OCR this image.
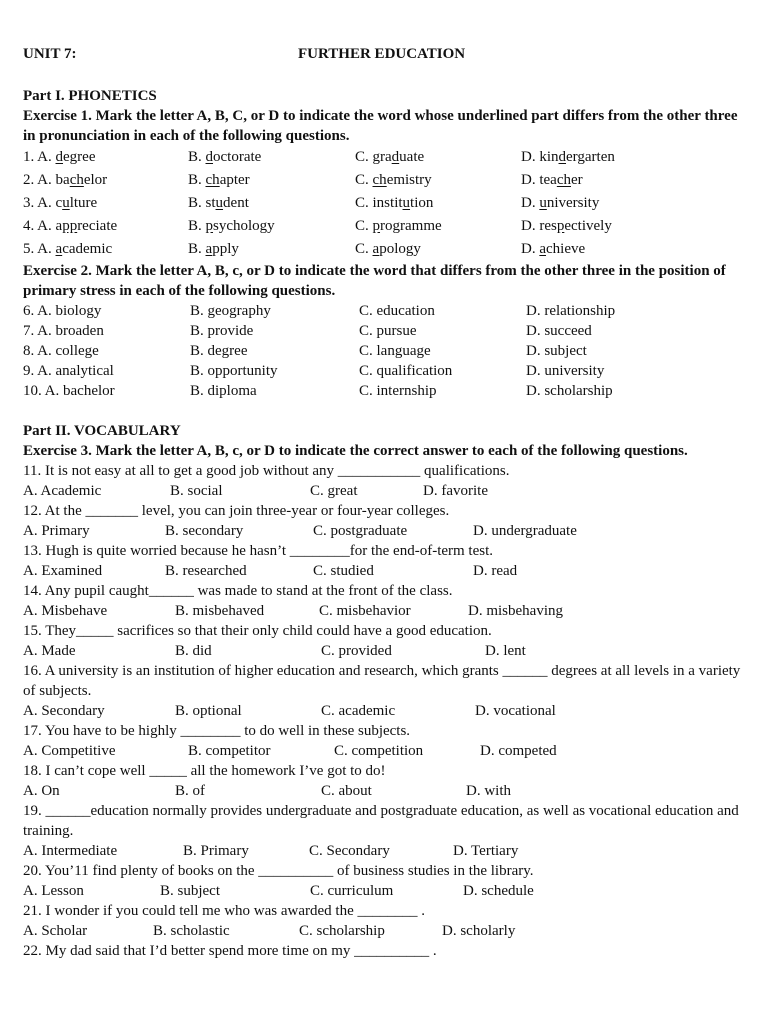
UNIT 7:	FURTHER EDUCATION
Part I. PHONETICS
Exercise 1. Mark the letter A, B, C, or D to indicate the word whose underlined part differs from the other three in pronunciation in each of the following questions.
1. A. degree	B. doctorate	C. graduate	D. kindergarten
2. A. bachelor	B. chapter	C. chemistry	D. teacher
3. A. culture	B. student	C. institution	D. university
4. A. appreciate	B. psychology	C. programme	D. respectively
5. A. academic	B. apply	C. apology	D. achieve
Exercise 2. Mark the letter A, B, c, or D to indicate the word that differs from the other three in the position of primary stress in each of the following questions.
6. A. biology	B. geography	C. education	D. relationship
7. A. broaden	B. provide	C. pursue	D. succeed
8. A. college	B. degree	C. language	D. subject
9. A. analytical	B. opportunity	C. qualification	D. university
10. A. bachelor	B. diploma	C. internship	D. scholarship
Part II. VOCABULARY
Exercise 3. Mark the letter A, B, c, or D to indicate the correct answer to each of the following questions.
11. It is not easy at all to get a good job without any ___________ qualifications.
A. Academic	B. social	C. great	D. favorite
12. At the _______ level, you can join three-year or four-year colleges.
A. Primary	B. secondary	C. postgraduate	D. undergraduate
13. Hugh is quite worried because he hasn’t ________for the end-of-term test.
A. Examined	B. researched	C. studied	D. read
14. Any pupil caught______ was made to stand at the front of the class.
A. Misbehave	B. misbehaved	C. misbehavior	D. misbehaving
15. They_____ sacrifices so that their only child could have a good education.
A. Made	B. did	C. provided	D. lent
16. A university is an institution of higher education and research, which grants ______ degrees at all levels in a variety of subjects.
A. Secondary	B. optional	C. academic	D. vocational
17. You have to be highly ________ to do well in these subjects.
A. Competitive	B. competitor	C. competition	D. competed
18. I can’t cope well _____ all the homework I’ve got to do!
A. On	B. of	C. about	D. with
19. ______education normally provides undergraduate and postgraduate education, as well as vocational education and training.
A. Intermediate	B. Primary	C. Secondary	D. Tertiary
20. You’11 find plenty of books on the __________ of business studies in the library.
A. Lesson	B. subject	C. curriculum	D. schedule
21. I wonder if you could tell me who was awarded the ________ .
A. Scholar	B. scholastic	C. scholarship	D. scholarly
22. My dad said that I’d better spend more time on my __________ .
